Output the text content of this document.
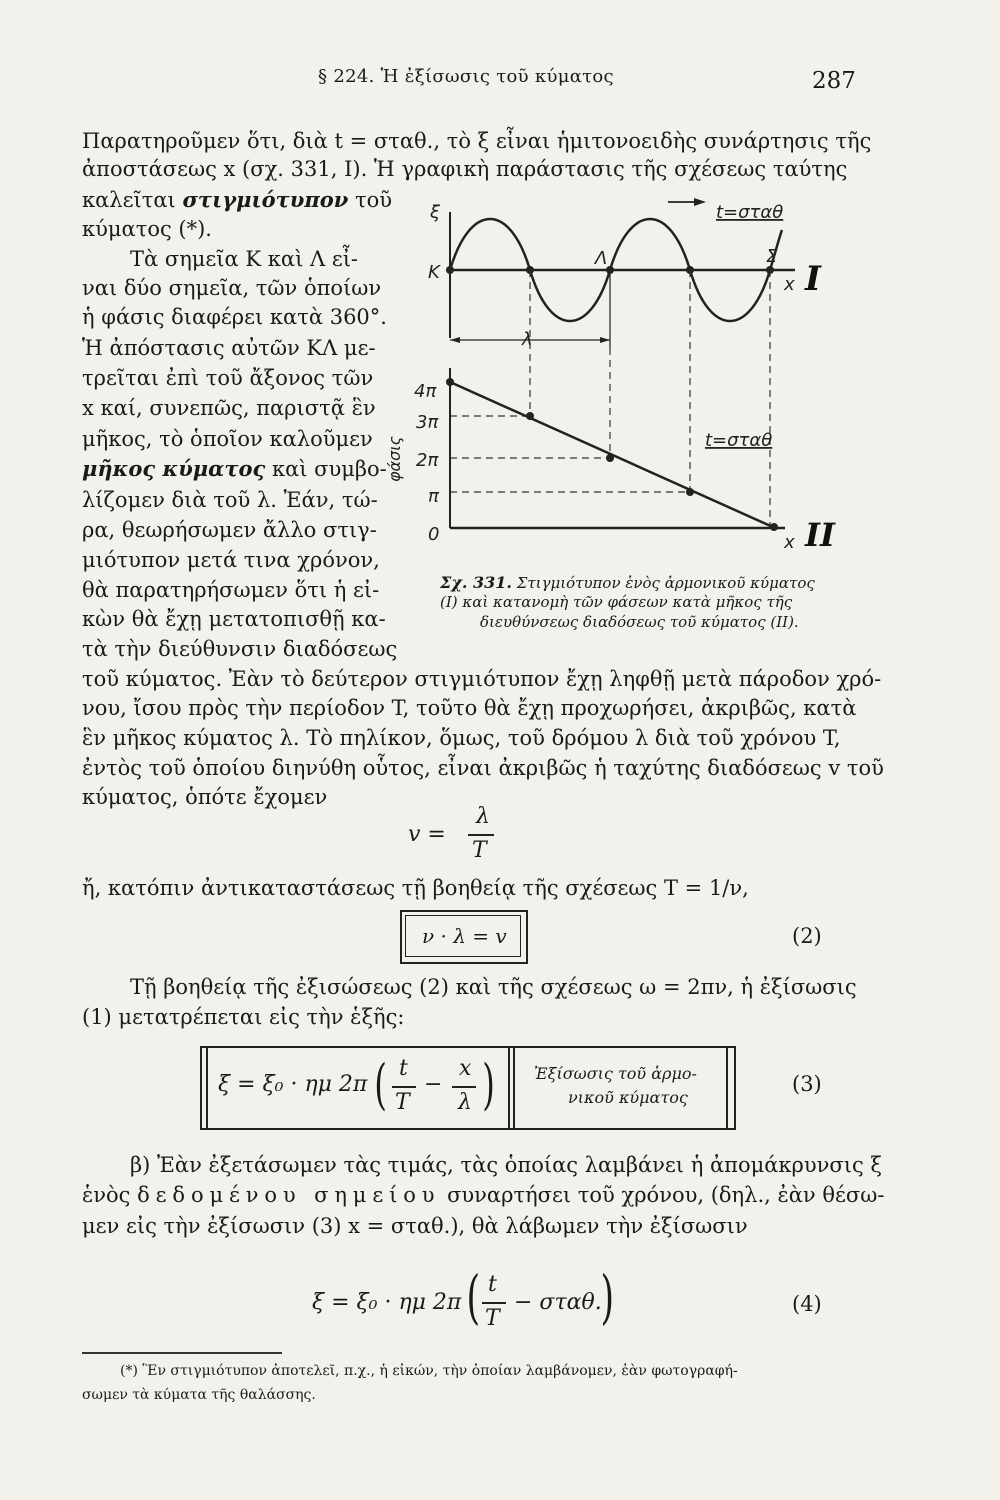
§ 224. Ἡ ἐξίσωσις τοῦ κύματος	287
Παρατηροῦμεν ὅτι, διὰ t = σταθ., τὸ ξ εἶναι ἡμιτονοειδὴς συνάρτησις τῆς
ἀποστάσεως x (σχ. 331, I). Ἡ γραφικὴ παράστασις τῆς σχέσεως ταύτης
καλεῖται στιγμιότυπον τοῦ
κύματος (*).
Τὰ σημεῖα K καὶ Λ εἶ-
ναι δύο σημεῖα, τῶν ὁποίων
ἡ φάσις διαφέρει κατὰ 360°.
Ἡ ἀπόστασις αὐτῶν KΛ με-
τρεῖται ἐπὶ τοῦ ἄξονος τῶν
x καί, συνεπῶς, παριστᾷ ἓν
μῆκος, τὸ ὁποῖον καλοῦμεν
μῆκος κύματος καὶ συμβο-
λίζομεν διὰ τοῦ λ. Ἐάν, τώ-
ρα, θεωρήσωμεν ἄλλο στιγ-
μιότυπον μετά τινα χρόνον,
θὰ παρατηρήσωμεν ὅτι ἡ εἰ-
κὼν θὰ ἔχῃ μετατοπισθῇ κα-
τὰ τὴν διεύθυνσιν διαδόσεως
τοῦ κύματος. Ἐὰν τὸ δεύτερον στιγμιότυπον ἔχῃ ληφθῇ μετὰ πάροδον χρό-
νου, ἴσου πρὸς τὴν περίοδον T, τοῦτο θὰ ἔχῃ προχωρήσει, ἀκριβῶς, κατὰ
ἓν μῆκος κύματος λ. Τὸ πηλίκον, ὅμως, τοῦ δρόμου λ διὰ τοῦ χρόνου T,
ἐντὸς τοῦ ὁποίου διηνύθη οὗτος, εἶναι ἀκριβῶς ἡ ταχύτης διαδόσεως v τοῦ
κύματος, ὁπότε ἔχομεν
ξ	t=σταθ
K
Λ	Σ
x
λ
4π
3π
2π
π
0
t=σταθ
x
φάσις
I
II
Σχ. 331. Στιγμιότυπον ἑνὸς ἁρμονικοῦ κύματος
(I) καὶ κατανομὴ τῶν φάσεων κατὰ μῆκος τῆς
διευθύνσεως διαδόσεως τοῦ κύματος (II).
v =
λ
T
ἤ, κατόπιν ἀντικαταστάσεως τῇ βοηθείᾳ τῆς σχέσεως T = 1/ν,
ν · λ = v	(2)
Τῇ βοηθείᾳ τῆς ἐξισώσεως (2) καὶ τῆς σχέσεως ω = 2πν, ἡ ἐξίσωσις
(1) μετατρέπεται εἰς τὴν ἑξῆς:
ξ = ξ₀ · ημ 2π ( t
T
−
x
λ ) Ἐξίσωσις τοῦ ἁρμο-
νικοῦ κύματος
(3)
β) Ἐὰν ἐξετάσωμεν τὰς τιμάς, τὰς ὁποίας λαμβάνει ἡ ἀπομάκρυνσις ξ
ἑνὸς δεδομένου σημείου συναρτήσει τοῦ χρόνου, (δηλ., ἐὰν θέσω-
μεν εἰς τὴν ἐξίσωσιν (3) x = σταθ.), θὰ λάβωμεν τὴν ἐξίσωσιν
ξ = ξ₀ · ημ 2π ( t
T
− σταθ.
)	(4)
(*) Ἓν στιγμιότυπον ἀποτελεῖ, π.χ., ἡ εἰκών, τὴν ὁποίαν λαμβάνομεν, ἐὰν φωτογραφή-
σωμεν τὰ κύματα τῆς θαλάσσης.
